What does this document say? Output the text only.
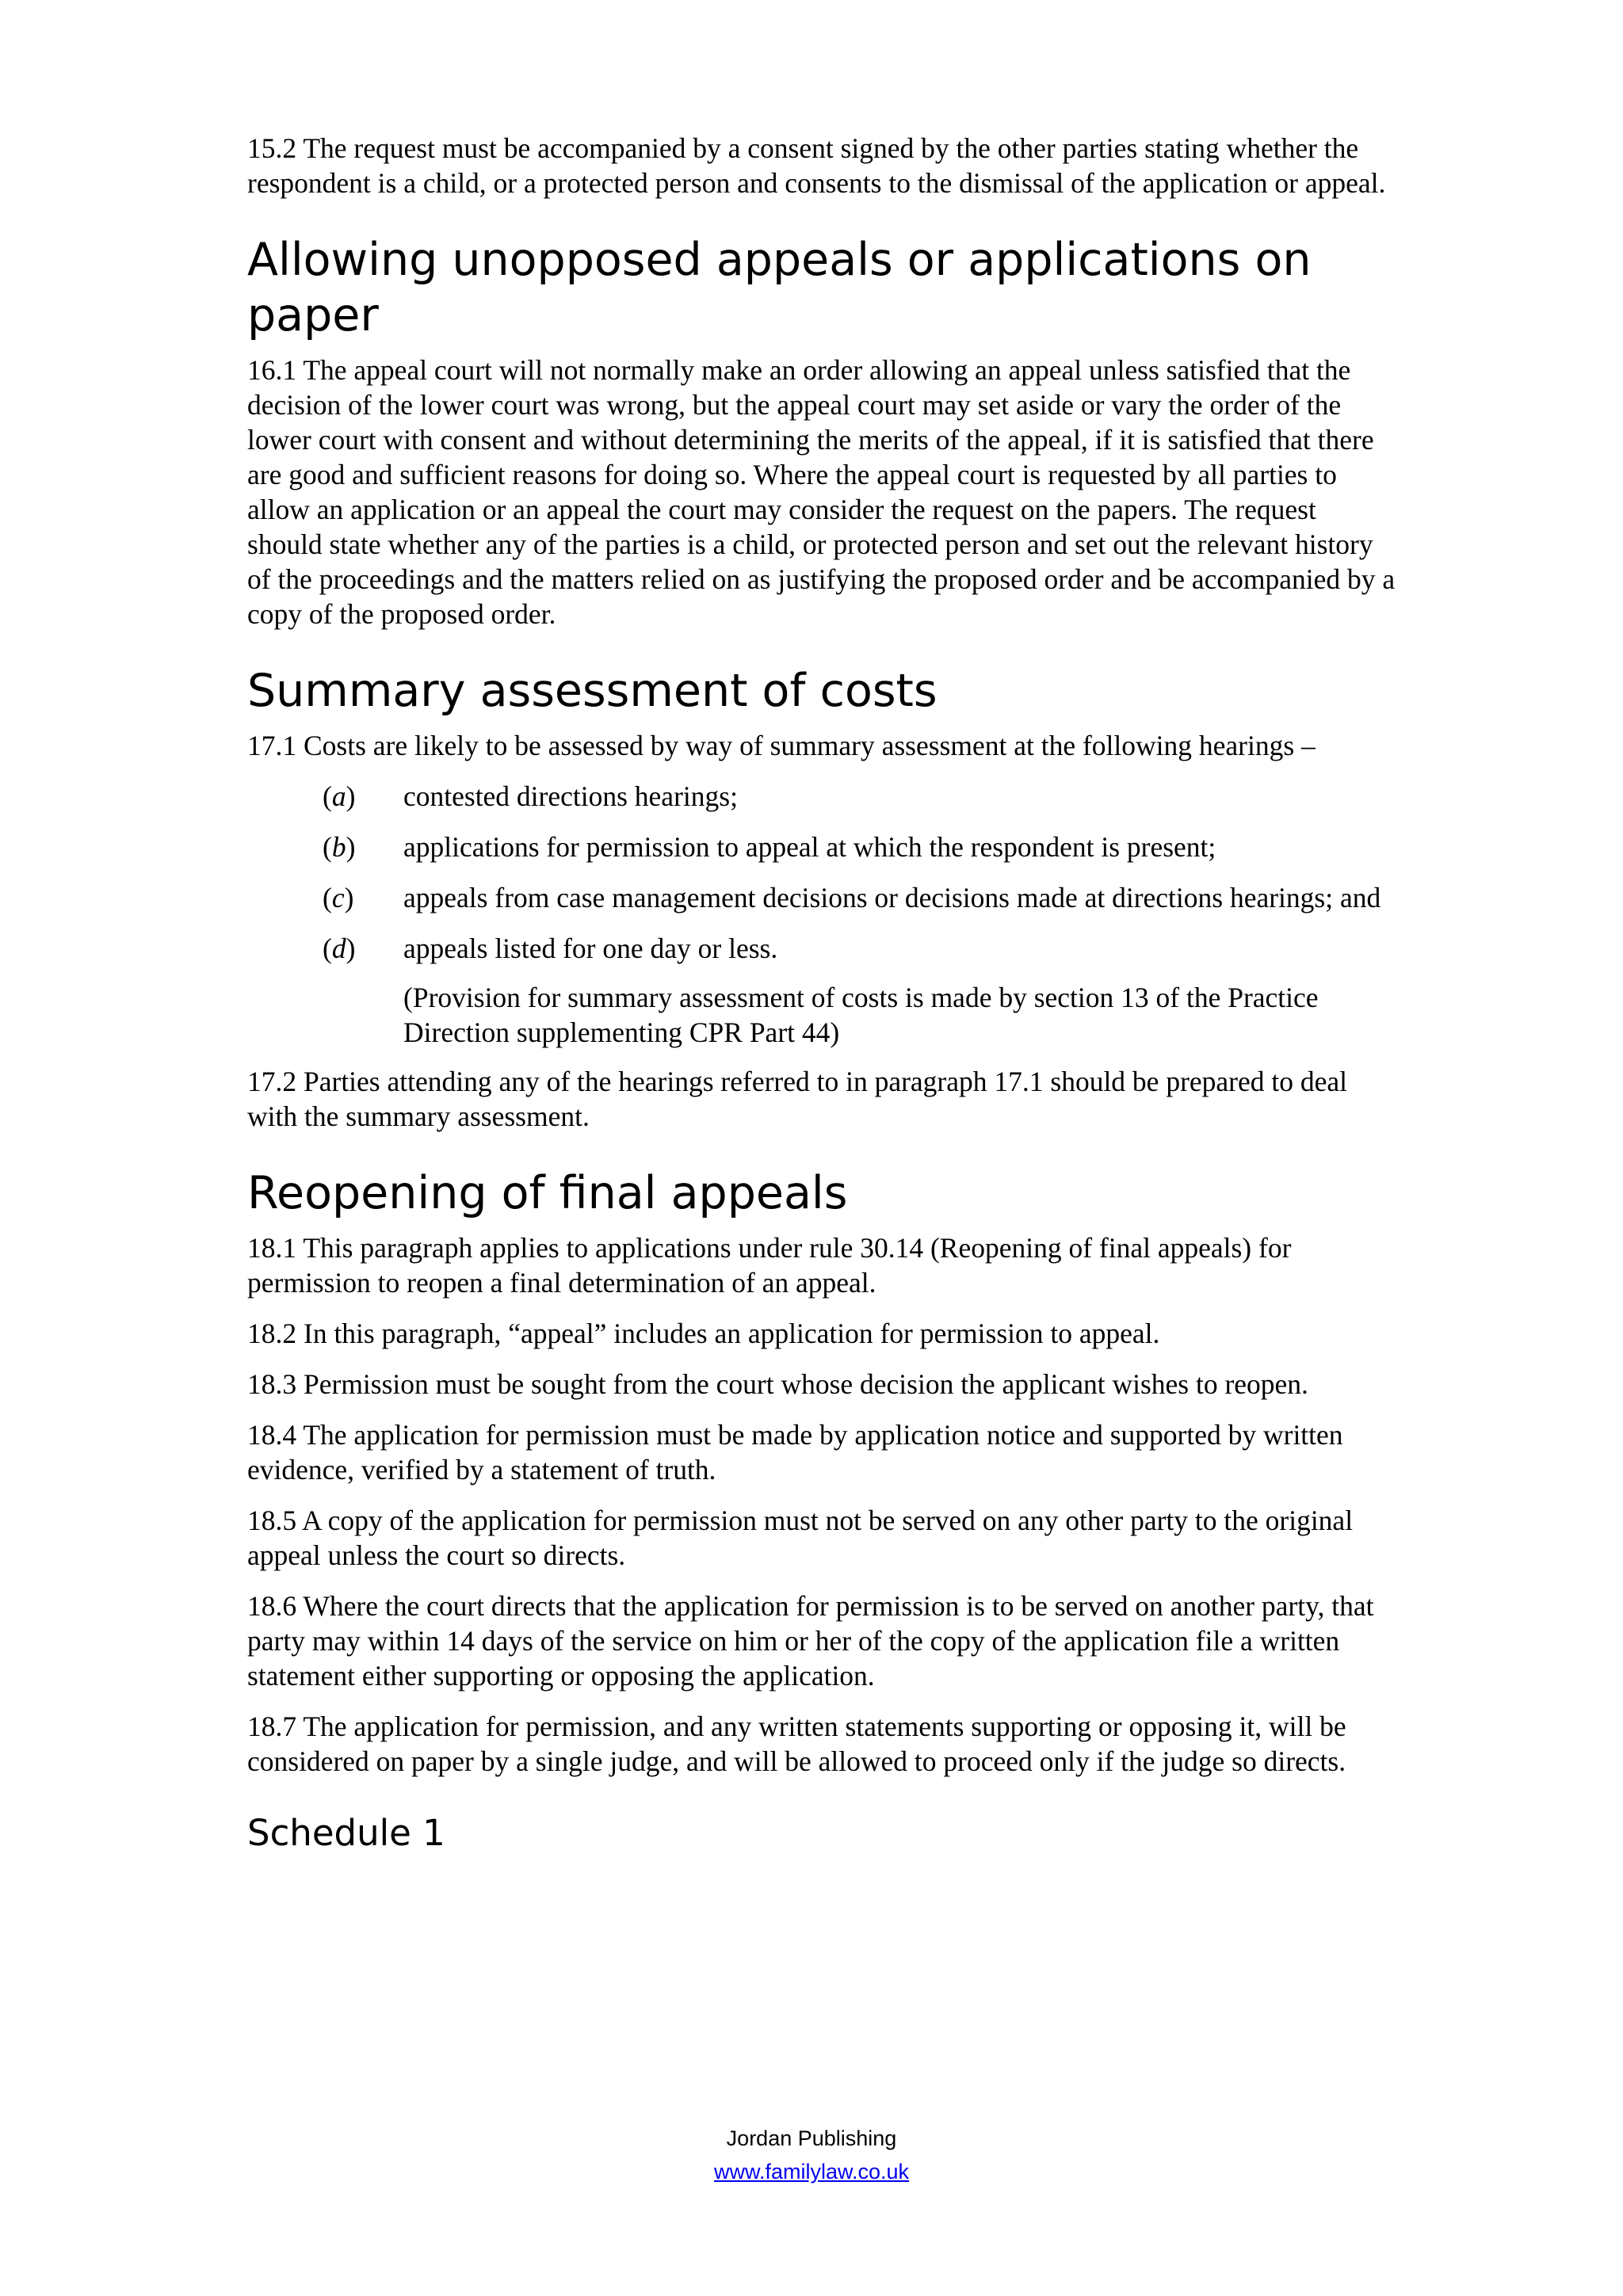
15.2 The request must be accompanied by a consent signed by the other parties stating whether the respondent is a child, or a protected person and consents to the dismissal of the application or appeal.

Allowing unopposed appeals or applications on paper

16.1 The appeal court will not normally make an order allowing an appeal unless satisfied that the decision of the lower court was wrong, but the appeal court may set aside or vary the order of the lower court with consent and without determining the merits of the appeal, if it is satisfied that there are good and sufficient reasons for doing so. Where the appeal court is requested by all parties to allow an application or an appeal the court may consider the request on the papers. The request should state whether any of the parties is a child, or protected person and set out the relevant history of the proceedings and the matters relied on as justifying the proposed order and be accompanied by a copy of the proposed order.

Summary assessment of costs

17.1 Costs are likely to be assessed by way of summary assessment at the following hearings –

(a)	contested directions hearings;
(b)	applications for permission to appeal at which the respondent is present;
(c)	appeals from case management decisions or decisions made at directions hearings; and
(d)	appeals listed for one day or less.

(Provision for summary assessment of costs is made by section 13 of the Practice Direction supplementing CPR Part 44)

17.2 Parties attending any of the hearings referred to in paragraph 17.1 should be prepared to deal with the summary assessment.

Reopening of final appeals

18.1 This paragraph applies to applications under rule 30.14 (Reopening of final appeals) for permission to reopen a final determination of an appeal.

18.2 In this paragraph, “appeal” includes an application for permission to appeal.

18.3 Permission must be sought from the court whose decision the applicant wishes to reopen.

18.4 The application for permission must be made by application notice and supported by written evidence, verified by a statement of truth.

18.5 A copy of the application for permission must not be served on any other party to the original appeal unless the court so directs.

18.6 Where the court directs that the application for permission is to be served on another party, that party may within 14 days of the service on him or her of the copy of the application file a written statement either supporting or opposing the application.

18.7 The application for permission, and any written statements supporting or opposing it, will be considered on paper by a single judge, and will be allowed to proceed only if the judge so directs.

Schedule 1
Jordan Publishing
www.familylaw.co.uk
